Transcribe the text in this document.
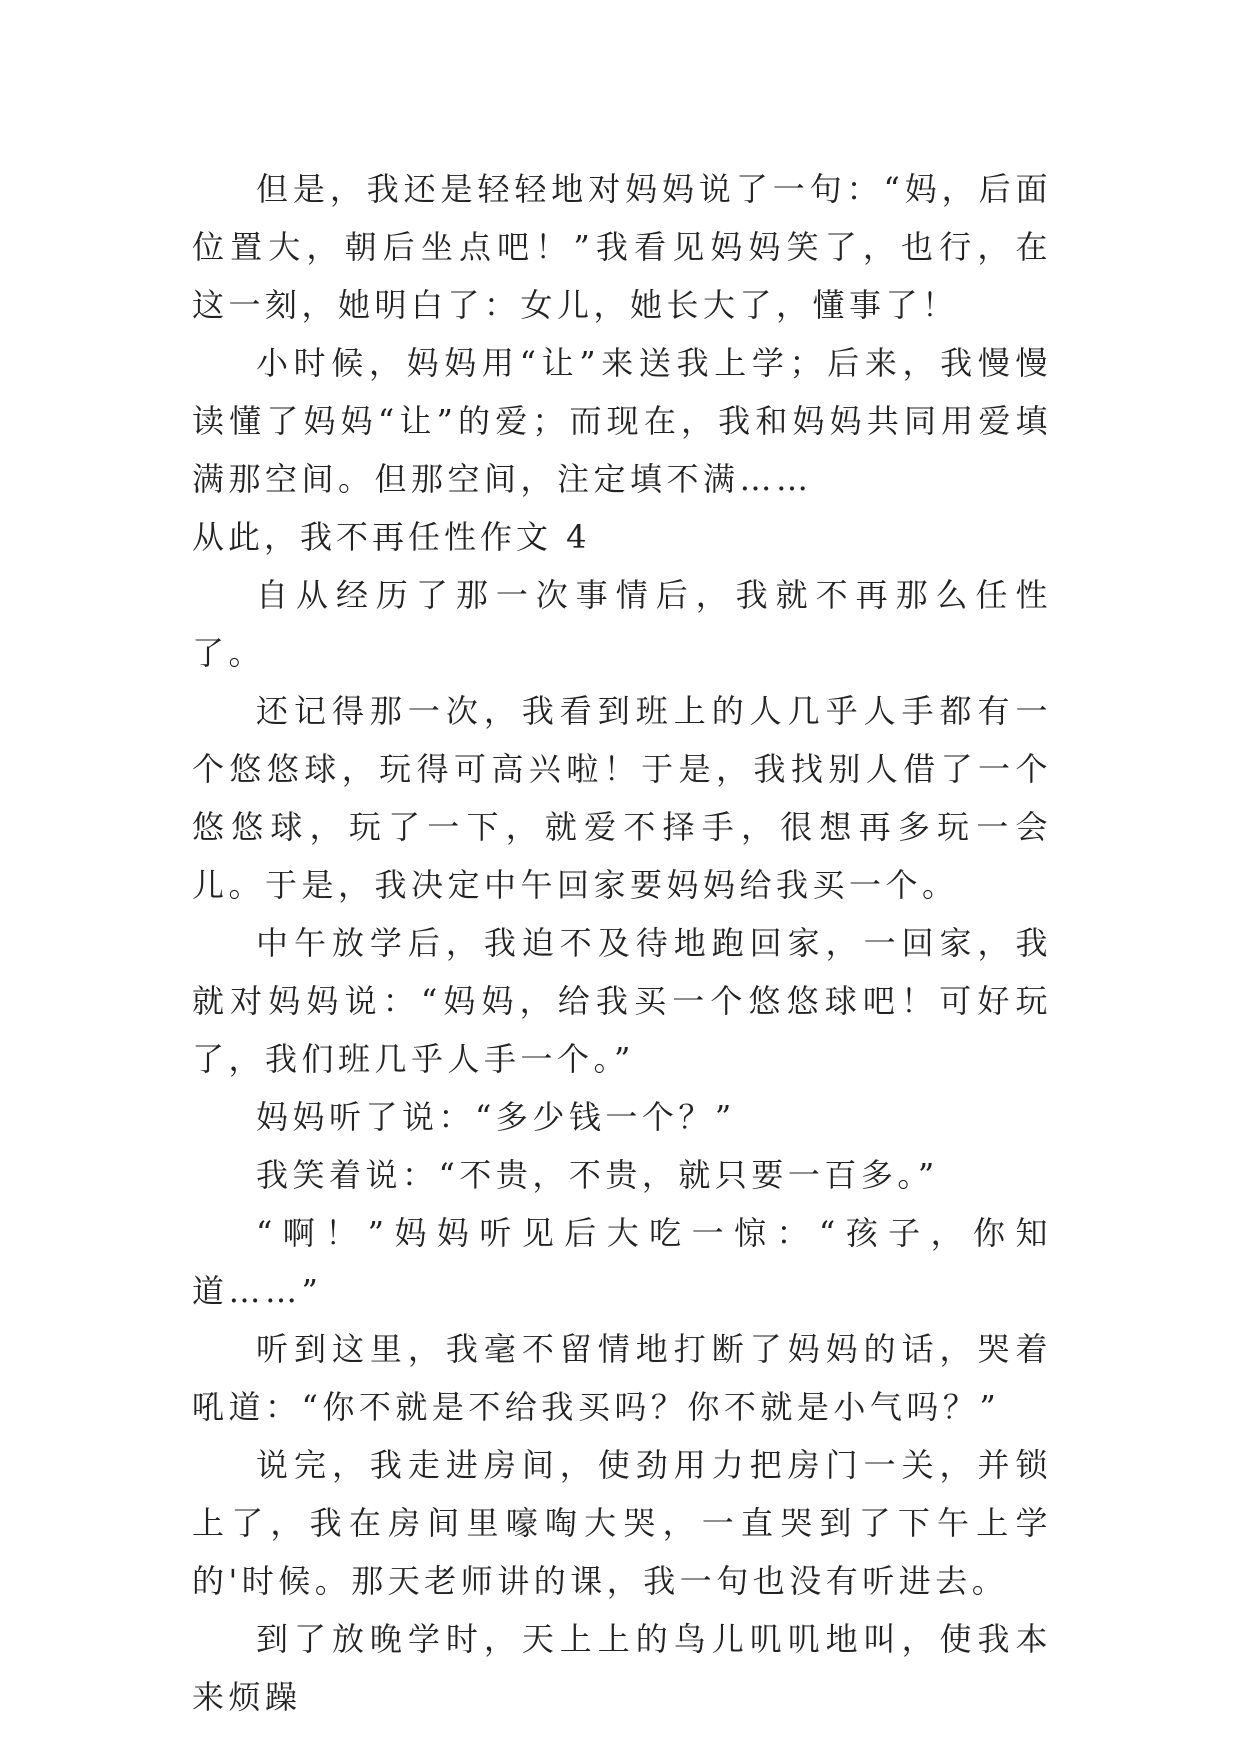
但是，我还是轻轻地对妈妈说了一句：“妈，后面位置大，朝后坐点吧！”我看见妈妈笑了，也行，在这一刻，她明白了：女儿，她长大了，懂事了！

小时候，妈妈用“让”来送我上学；后来，我慢慢读懂了妈妈“让”的爱；而现在，我和妈妈共同用爱填满那空间。但那空间，注定填不满……

从此，我不再任性作文 4

自从经历了那一次事情后，我就不再那么任性了。

还记得那一次，我看到班上的人几乎人手都有一个悠悠球，玩得可高兴啦！于是，我找别人借了一个悠悠球，玩了一下，就爱不择手，很想再多玩一会儿。于是，我决定中午回家要妈妈给我买一个。

中午放学后，我迫不及待地跑回家，一回家，我就对妈妈说：“妈妈，给我买一个悠悠球吧！可好玩了，我们班几乎人手一个。”

妈妈听了说：“多少钱一个？”

我笑着说：“不贵，不贵，就只要一百多。”

“啊！”妈妈听见后大吃一惊：“孩子，你知道……”

听到这里，我毫不留情地打断了妈妈的话，哭着吼道：“你不就是不给我买吗？你不就是小气吗？”

说完，我走进房间，使劲用力把房门一关，并锁上了，我在房间里嚎啕大哭，一直哭到了下午上学的'时候。那天老师讲的课，我一句也没有听进去。

到了放晚学时，天上上的鸟儿叽叽地叫，使我本来烦躁
